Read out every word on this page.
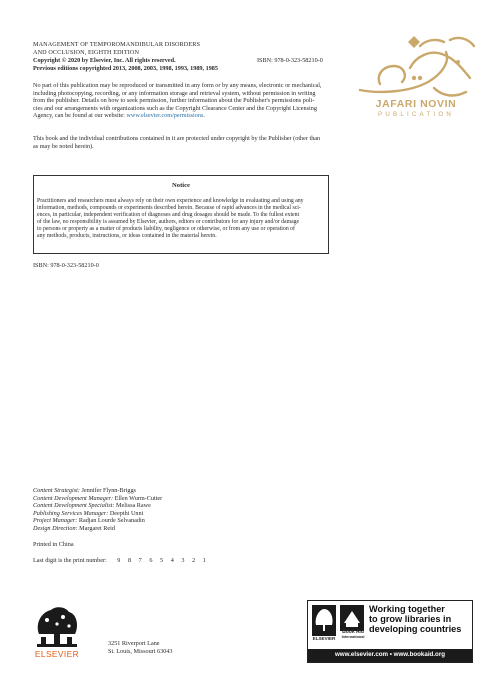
MANAGEMENT OF TEMPOROMANDIBULAR DISORDERS
AND OCCLUSION, EIGHTH EDITION
ISBN: 978-0-323-58210-0
Copyright © 2020 by Elsevier, Inc. All rights reserved.
Previous editions copyrighted 2013, 2008, 2003, 1998, 1993, 1989, 1985
JAFARI NOVIN
PUBLICATION
No part of this publication may be reproduced or transmitted in any form or by any means, electronic or mechanical,
including photocopying, recording, or any information storage and retrieval system, without permission in writing
from the publisher. Details on how to seek permission, further information about the Publisher's permissions poli-
cies and our arrangements with organizations such as the Copyright Clearance Center and the Copyright Licensing
Agency, can be found at our website: www.elsevier.com/permissions.
This book and the individual contributions contained in it are protected under copyright by the Publisher (other than
as may be noted herein).
Notice
Practitioners and researchers must always rely on their own experience and knowledge in evaluating and using any
information, methods, compounds or experiments described herein. Because of rapid advances in the medical sci-
ences, in particular, independent verification of diagnoses and drug dosages should be made. To the fullest extent
of the law, no responsibility is assumed by Elsevier, authors, editors or contributors for any injury and/or damage
to persons or property as a matter of products liability, negligence or otherwise, or from any use or operation of
any methods, products, instructions, or ideas contained in the material herein.
ISBN: 978-0-323-58210-0
Content Strategist: Jennifer Flynn-Briggs
Content Development Manager: Ellen Wurm-Cutter
Content Development Specialist: Melissa Rawe
Publishing Services Manager: Deepthi Unni
Project Manager: Radjan Lourde Selvanadin
Design Direction: Margaret Reid
Printed in China
Last digit is the print number: 9 8 7 6 5 4 3 2 1
ELSEVIER
3251 Riverport Lane
St. Louis, Missouri 63043
ELSEVIER
Book Aid
International
Working together
to grow libraries in
developing countries
www.elsevier.com • www.bookaid.org
